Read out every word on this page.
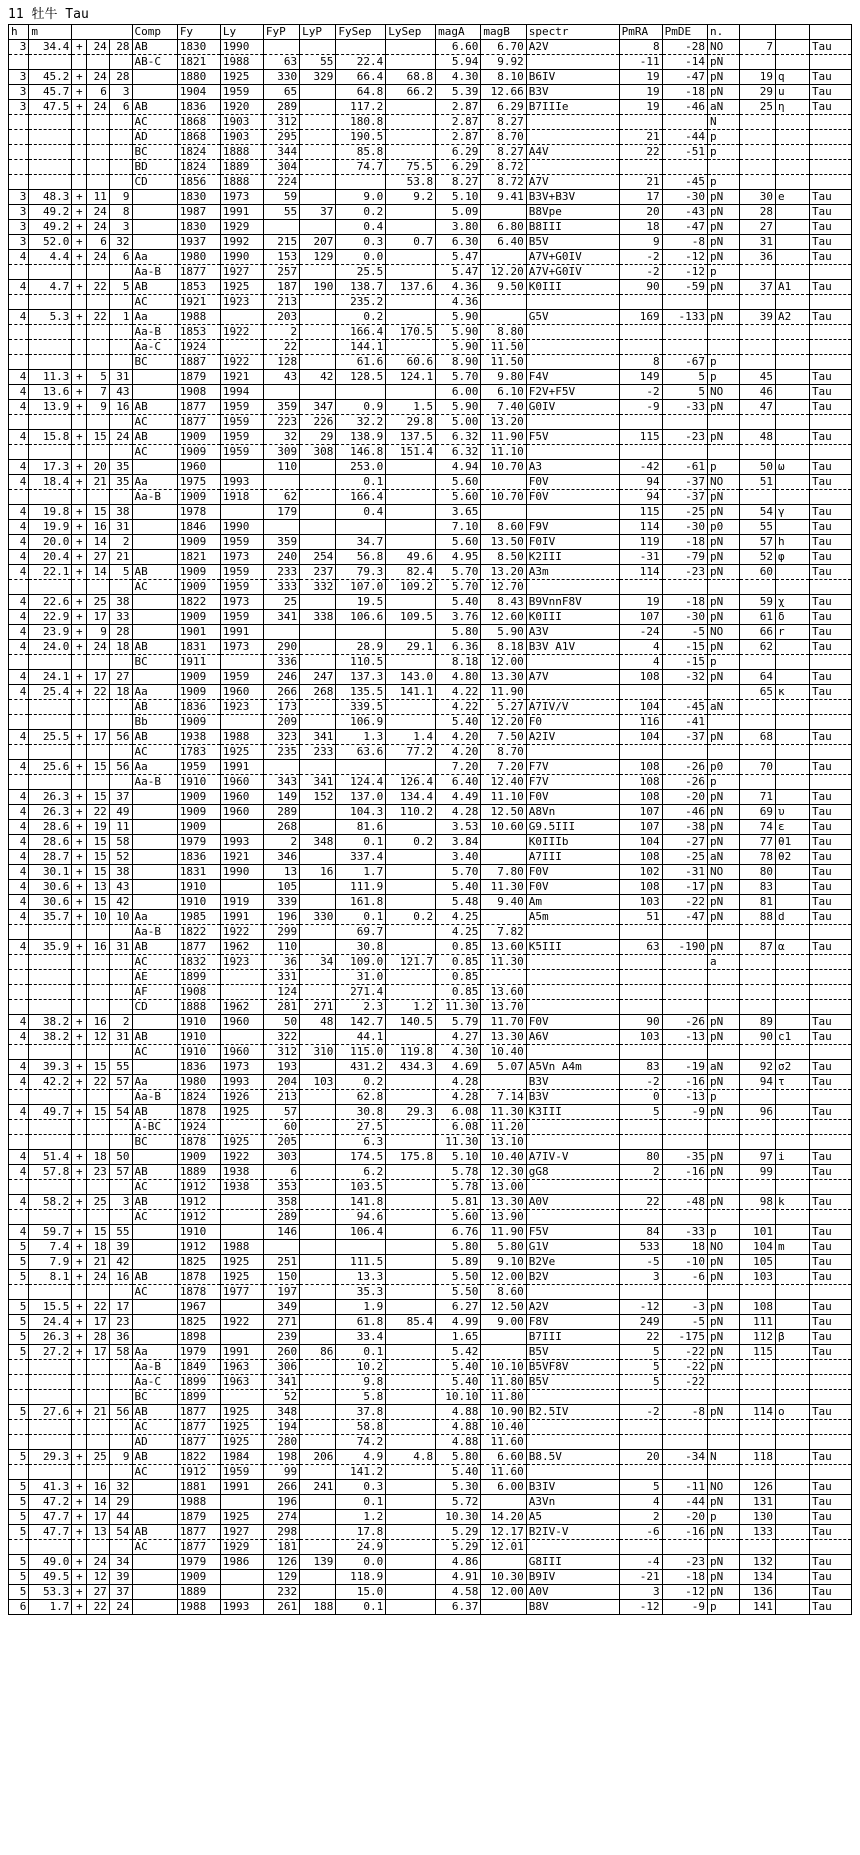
11 牡牛 Tau
h	m				Comp	Fy	Ly	FyP	LyP	FySep	LySep	magA	magB	spectr	PmRA	PmDE	n.			
3	34.4	+	24	28	AB	1830	1990					6.60	6.70	A2V	8	-28	NO	7		Tau
					AB-C	1821	1988	63	55	22.4		5.94	9.92		-11	-14	pN			
3	45.2	+	24	28		1880	1925	330	329	66.4	68.8	4.30	8.10	B6IV	19	-47	pN	19	q	Tau
3	45.7	+	6	3		1904	1959	65		64.8	66.2	5.39	12.66	B3V	19	-18	pN	29	u	Tau
3	47.5	+	24	6	AB	1836	1920	289		117.2		2.87	6.29	B7IIIe	19	-46	aN	25	η	Tau
					AC	1868	1903	312		180.8		2.87	8.27				N			
					AD	1868	1903	295		190.5		2.87	8.70		21	-44	p			
					BC	1824	1888	344		85.8		6.29	8.27	A4V	22	-51	p			
					BD	1824	1889	304		74.7	75.5	6.29	8.72							
					CD	1856	1888	224			53.8	8.27	8.72	A7V	21	-45	p			
3	48.3	+	11	9		1830	1973	59		9.0	9.2	5.10	9.41	B3V+B3V	17	-30	pN	30	e	Tau
3	49.2	+	24	8		1987	1991	55	37	0.2		5.09		B8Vpe	20	-43	pN	28		Tau
3	49.2	+	24	3		1830	1929			0.4		3.80	6.80	B8III	18	-47	pN	27		Tau
3	52.0	+	6	32		1937	1992	215	207	0.3	0.7	6.30	6.40	B5V	9	-8	pN	31		Tau
4	4.4	+	24	6	Aa	1980	1990	153	129	0.0		5.47		A7V+G0IV	-2	-12	pN	36		Tau
					Aa-B	1877	1927	257		25.5		5.47	12.20	A7V+G0IV	-2	-12	p			
4	4.7	+	22	5	AB	1853	1925	187	190	138.7	137.6	4.36	9.50	K0III	90	-59	pN	37	A1	Tau
					AC	1921	1923	213		235.2		4.36								
4	5.3	+	22	1	Aa	1988		203		0.2		5.90		G5V	169	-133	pN	39	A2	Tau
					Aa-B	1853	1922	2		166.4	170.5	5.90	8.80							
					Aa-C	1924		22		144.1		5.90	11.50							
					BC	1887	1922	128		61.6	60.6	8.90	11.50		8	-67	p			
4	11.3	+	5	31		1879	1921	43	42	128.5	124.1	5.70	9.80	F4V	149	5	p	45		Tau
4	13.6	+	7	43		1908	1994					6.00	6.10	F2V+F5V	-2	5	NO	46		Tau
4	13.9	+	9	16	AB	1877	1959	359	347	0.9	1.5	5.90	7.40	G0IV	-9	-33	pN	47		Tau
					AC	1877	1959	223	226	32.2	29.8	5.00	13.20							
4	15.8	+	15	24	AB	1909	1959	32	29	138.9	137.5	6.32	11.90	F5V	115	-23	pN	48		Tau
					AC	1909	1959	309	308	146.8	151.4	6.32	11.10							
4	17.3	+	20	35		1960		110		253.0		4.94	10.70	A3	-42	-61	p	50	ω	Tau
4	18.4	+	21	35	Aa	1975	1993			0.1		5.60		F0V	94	-37	NO	51		Tau
					Aa-B	1909	1918	62		166.4		5.60	10.70	F0V	94	-37	pN			
4	19.8	+	15	38		1978		179		0.4		3.65			115	-25	pN	54	γ	Tau
4	19.9	+	16	31		1846	1990					7.10	8.60	F9V	114	-30	p0	55		Tau
4	20.0	+	14	2		1909	1959	359		34.7		5.60	13.50	F0IV	119	-18	pN	57	h	Tau
4	20.4	+	27	21		1821	1973	240	254	56.8	49.6	4.95	8.50	K2III	-31	-79	pN	52	φ	Tau
4	22.1	+	14	5	AB	1909	1959	233	237	79.3	82.4	5.70	13.20	A3m	114	-23	pN	60		Tau
					AC	1909	1959	333	332	107.0	109.2	5.70	12.70							
4	22.6	+	25	38		1822	1973	25		19.5		5.40	8.43	B9VnnF8V	19	-18	pN	59	χ	Tau
4	22.9	+	17	33		1909	1959	341	338	106.6	109.5	3.76	12.60	K0III	107	-30	pN	61	δ	Tau
4	23.9	+	9	28		1901	1991					5.80	5.90	A3V	-24	-5	NO	66	r	Tau
4	24.0	+	24	18	AB	1831	1973	290		28.9	29.1	6.36	8.18	B3V A1V	4	-15	pN	62		Tau
					BC	1911		336		110.5		8.18	12.00		4	-15	p			
4	24.1	+	17	27		1909	1959	246	247	137.3	143.0	4.80	13.30	A7V	108	-32	pN	64		Tau
4	25.4	+	22	18	Aa	1909	1960	266	268	135.5	141.1	4.22	11.90					65	κ	Tau
					AB	1836	1923	173		339.5		4.22	5.27	A7IV/V	104	-45	aN			
					Bb	1909		209		106.9		5.40	12.20	F0	116	-41				
4	25.5	+	17	56	AB	1938	1988	323	341	1.3	1.4	4.20	7.50	A2IV	104	-37	pN	68		Tau
					AC	1783	1925	235	233	63.6	77.2	4.20	8.70							
4	25.6	+	15	56	Aa	1959	1991					7.20	7.20	F7V	108	-26	p0	70		Tau
					Aa-B	1910	1960	343	341	124.4	126.4	6.40	12.40	F7V	108	-26	p			
4	26.3	+	15	37		1909	1960	149	152	137.0	134.4	4.49	11.10	F0V	108	-20	pN	71		Tau
4	26.3	+	22	49		1909	1960	289		104.3	110.2	4.28	12.50	A8Vn	107	-46	pN	69	υ	Tau
4	28.6	+	19	11		1909		268		81.6		3.53	10.60	G9.5III	107	-38	pN	74	ε	Tau
4	28.6	+	15	58		1979	1993	2	348	0.1	0.2	3.84		K0IIIb	104	-27	pN	77	θ1	Tau
4	28.7	+	15	52		1836	1921	346		337.4		3.40		A7III	108	-25	aN	78	θ2	Tau
4	30.1	+	15	38		1831	1990	13	16	1.7		5.70	7.80	F0V	102	-31	NO	80		Tau
4	30.6	+	13	43		1910		105		111.9		5.40	11.30	F0V	108	-17	pN	83		Tau
4	30.6	+	15	42		1910	1919	339		161.8		5.48	9.40	Am	103	-22	pN	81		Tau
4	35.7	+	10	10	Aa	1985	1991	196	330	0.1	0.2	4.25		A5m	51	-47	pN	88	d	Tau
					Aa-B	1822	1922	299		69.7		4.25	7.82							
4	35.9	+	16	31	AB	1877	1962	110		30.8		0.85	13.60	K5III	63	-190	pN	87	α	Tau
					AC	1832	1923	36	34	109.0	121.7	0.85	11.30				a			
					AE	1899		331		31.0		0.85								
					AF	1908		124		271.4		0.85	13.60							
					CD	1888	1962	281	271	2.3	1.2	11.30	13.70							
4	38.2	+	16	2		1910	1960	50	48	142.7	140.5	5.79	11.70	F0V	90	-26	pN	89		Tau
4	38.2	+	12	31	AB	1910		322		44.1		4.27	13.30	A6V	103	-13	pN	90	c1	Tau
					AC	1910	1960	312	310	115.0	119.8	4.30	10.40							
4	39.3	+	15	55		1836	1973	193		431.2	434.3	4.69	5.07	A5Vn A4m	83	-19	aN	92	σ2	Tau
4	42.2	+	22	57	Aa	1980	1993	204	103	0.2		4.28		B3V	-2	-16	pN	94	τ	Tau
					Aa-B	1824	1926	213		62.8		4.28	7.14	B3V	0	-13	p			
4	49.7	+	15	54	AB	1878	1925	57		30.8	29.3	6.08	11.30	K3III	5	-9	pN	96		Tau
					A-BC	1924		60		27.5		6.08	11.20							
					BC	1878	1925	205		6.3		11.30	13.10							
4	51.4	+	18	50		1909	1922	303		174.5	175.8	5.10	10.40	A7IV-V	80	-35	pN	97	i	Tau
4	57.8	+	23	57	AB	1889	1938	6		6.2		5.78	12.30	gG8	2	-16	pN	99		Tau
					AC	1912	1938	353		103.5		5.78	13.00							
4	58.2	+	25	3	AB	1912		358		141.8		5.81	13.30	A0V	22	-48	pN	98	k	Tau
					AC	1912		289		94.6		5.60	13.90							
4	59.7	+	15	55		1910		146		106.4		6.76	11.90	F5V	84	-33	p	101		Tau
5	7.4	+	18	39		1912	1988					5.80	5.80	G1V	533	18	NO	104	m	Tau
5	7.9	+	21	42		1825	1925	251		111.5		5.89	9.10	B2Ve	-5	-10	pN	105		Tau
5	8.1	+	24	16	AB	1878	1925	150		13.3		5.50	12.00	B2V	3	-6	pN	103		Tau
					AC	1878	1977	197		35.3		5.50	8.60							
5	15.5	+	22	17		1967		349		1.9		6.27	12.50	A2V	-12	-3	pN	108		Tau
5	24.4	+	17	23		1825	1922	271		61.8	85.4	4.99	9.00	F8V	249	-5	pN	111		Tau
5	26.3	+	28	36		1898		239		33.4		1.65		B7III	22	-175	pN	112	β	Tau
5	27.2	+	17	58	Aa	1979	1991	260	86	0.1		5.42		B5V	5	-22	pN	115		Tau
					Aa-B	1849	1963	306		10.2		5.40	10.10	B5VF8V	5	-22	pN			
					Aa-C	1899	1963	341		9.8		5.40	11.80	B5V	5	-22				
					BC	1899		52		5.8		10.10	11.80							
5	27.6	+	21	56	AB	1877	1925	348		37.8		4.88	10.90	B2.5IV	-2	-8	pN	114	o	Tau
					AC	1877	1925	194		58.8		4.88	10.40							
					AD	1877	1925	280		74.2		4.88	11.60							
5	29.3	+	25	9	AB	1822	1984	198	206	4.9	4.8	5.80	6.60	B8.5V	20	-34	N	118		Tau
					AC	1912	1959	99		141.2		5.40	11.60							
5	41.3	+	16	32		1881	1991	266	241	0.3		5.30	6.00	B3IV	5	-11	NO	126		Tau
5	47.2	+	14	29		1988		196		0.1		5.72		A3Vn	4	-44	pN	131		Tau
5	47.7	+	17	44		1879	1925	274		1.2		10.30	14.20	A5	2	-20	p	130		Tau
5	47.7	+	13	54	AB	1877	1927	298		17.8		5.29	12.17	B2IV-V	-6	-16	pN	133		Tau
					AC	1877	1929	181		24.9		5.29	12.01							
5	49.0	+	24	34		1979	1986	126	139	0.0		4.86		G8III	-4	-23	pN	132		Tau
5	49.5	+	12	39		1909		129		118.9		4.91	10.30	B9IV	-21	-18	pN	134		Tau
5	53.3	+	27	37		1889		232		15.0		4.58	12.00	A0V	3	-12	pN	136		Tau
6	1.7	+	22	24		1988	1993	261	188	0.1		6.37		B8V	-12	-9	p	141		Tau
